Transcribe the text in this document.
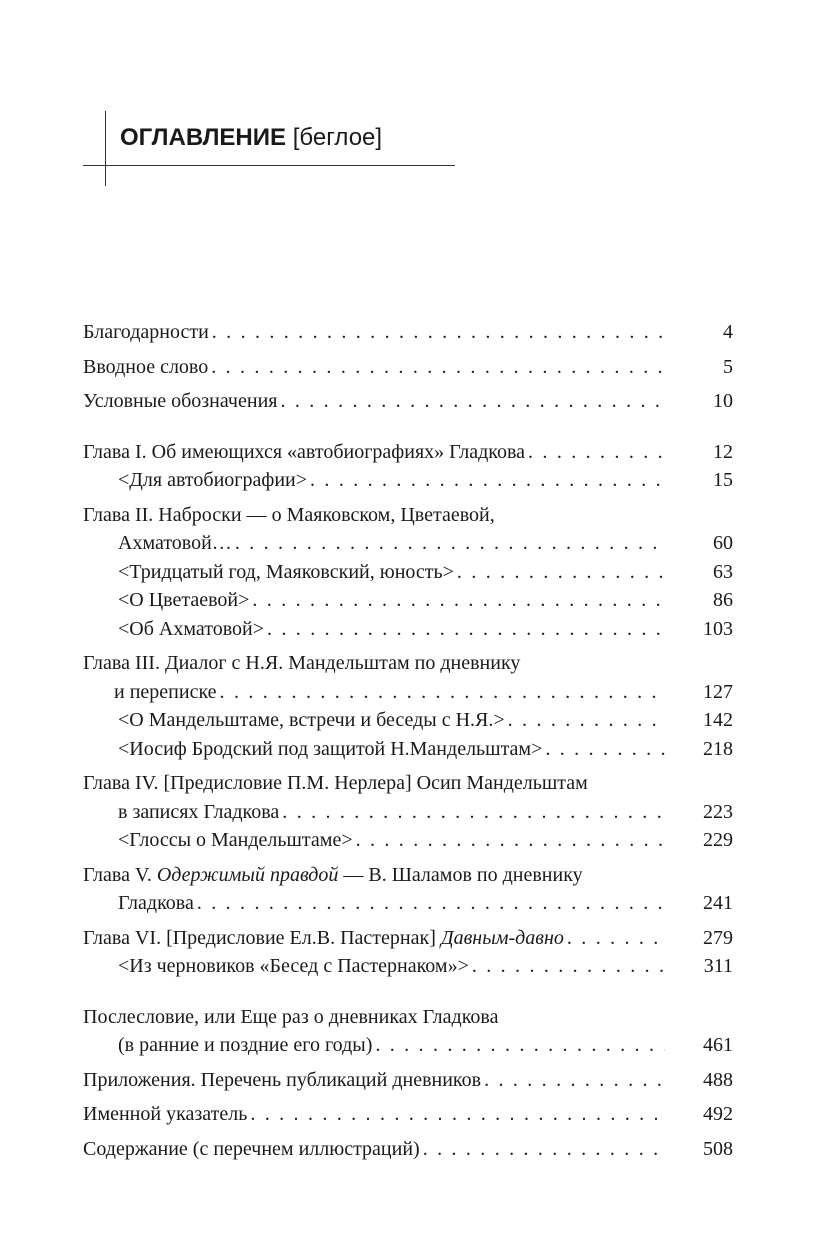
ОГЛАВЛЕНИЕ [беглое]
Благодарности . . .	4
Вводное слово . . .	5
Условные обозначения . . .	10
Глава I. Об имеющихся «автобиографиях» Гладкова . . .	12
<Для автобиографии> . . .	15
Глава II. Наброски — о Маяковском, Цветаевой,
Ахматовой… . . .	60
<Тридцатый год, Маяковский, юность> . . .	63
<О Цветаевой> . . .	86
<Об Ахматовой> . . .	103
Глава III. Диалог с Н.Я. Мандельштам по дневнику
и переписке . . .	127
<О Мандельштаме, встречи и беседы с Н.Я.> . . .	142
<Иосиф Бродский под защитой Н.Мандельштам> . . .	218
Глава IV. [Предисловие П.М. Нерлера] Осип Мандельштам
в записях Гладкова . . .	223
<Глоссы о Мандельштаме> . . .	229
Глава V. Одержимый правдой — В. Шаламов по дневнику
Гладкова . . .	241
Глава VI. [Предисловие Ел.В. Пастернак] Давным-давно . . .	279
<Из черновиков «Бесед с Пастернаком»> . . .	311
Послесловие, или Еще раз о дневниках Гладкова
(в ранние и поздние его годы) . . .	461
Приложения. Перечень публикаций дневников . . .	488
Именной указатель . . .	492
Содержание (с перечнем иллюстраций) . . .	508
